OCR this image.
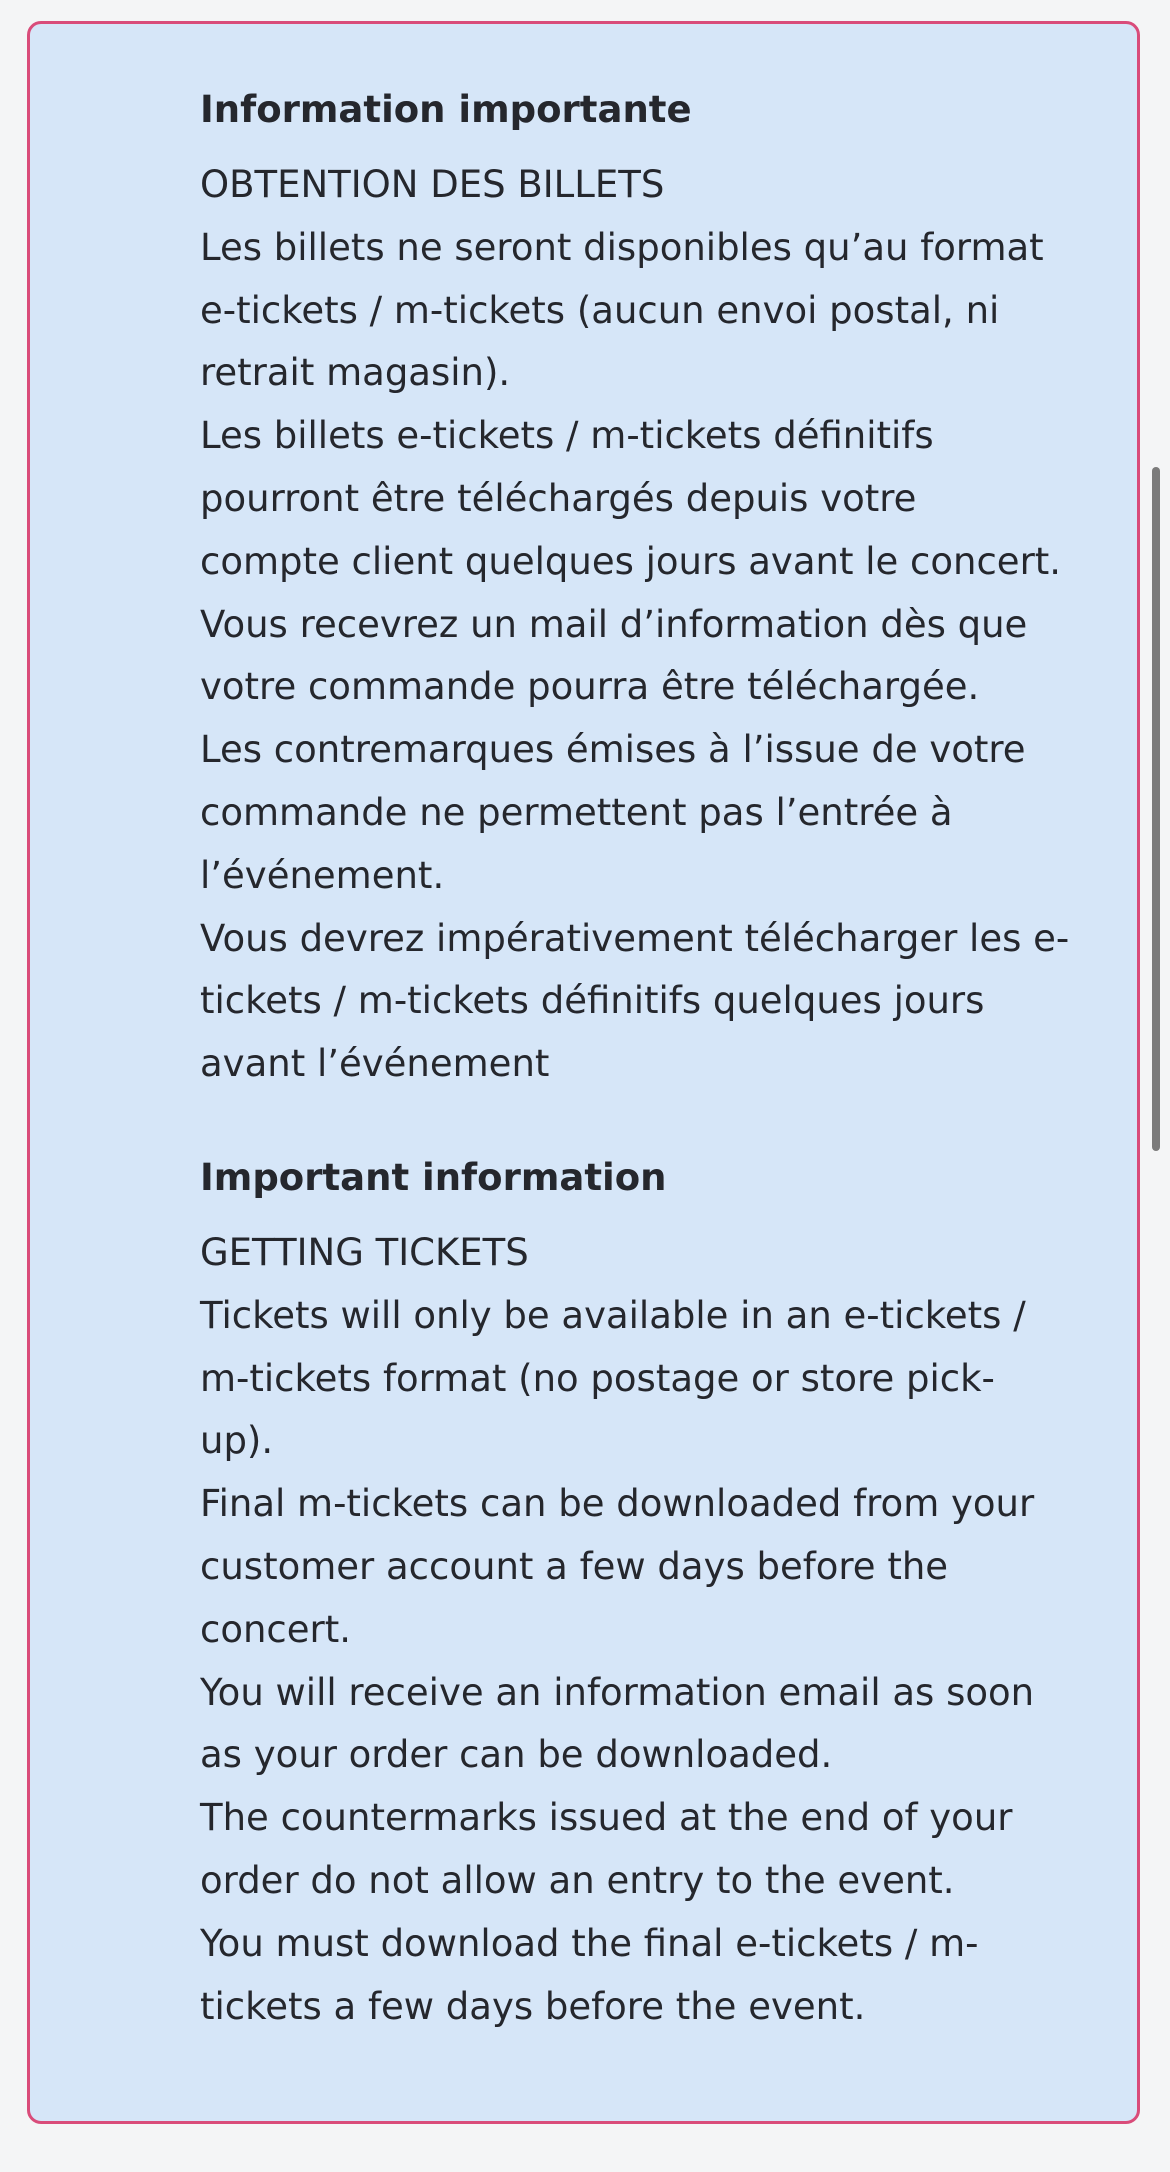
Information importante
OBTENTION DES BILLETS
Les billets ne seront disponibles qu’au format
e-tickets / m-tickets (aucun envoi postal, ni
retrait magasin).
Les billets e-tickets / m-tickets définitifs
pourront être téléchargés depuis votre
compte client quelques jours avant le concert.
Vous recevrez un mail d’information dès que
votre commande pourra être téléchargée.
Les contremarques émises à l’issue de votre
commande ne permettent pas l’entrée à
l’événement.
Vous devrez impérativement télécharger les e-
tickets / m-tickets définitifs quelques jours
avant l’événement
Important information
GETTING TICKETS
Tickets will only be available in an e-tickets /
m-tickets format (no postage or store pick-
up).
Final m-tickets can be downloaded from your
customer account a few days before the
concert.
You will receive an information email as soon
as your order can be downloaded.
The countermarks issued at the end of your
order do not allow an entry to the event.
You must download the final e-tickets / m-
tickets a few days before the event.
